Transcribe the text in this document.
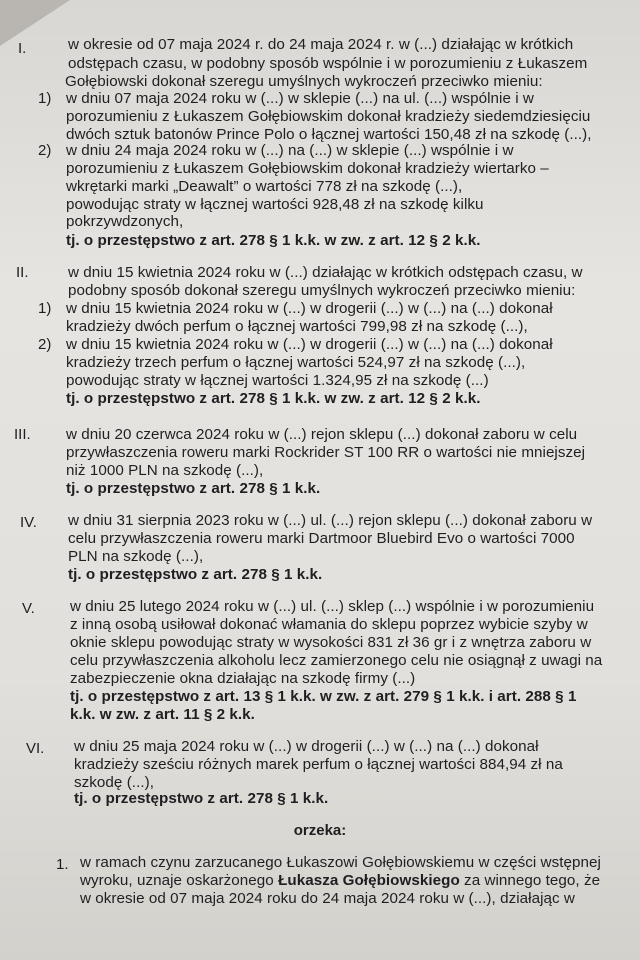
I.	w okresie od 07 maja 2024 r. do 24 maja 2024 r. w (...) działając w krótkich
odstępach czasu, w podobny sposób wspólnie i w porozumieniu z Łukaszem
Gołębiowski dokonał szeregu umyślnych wykroczeń przeciwko mieniu:
1) w dniu 07 maja 2024 roku w (...) w sklepie (...) na ul. (...) wspólnie i w
porozumieniu z Łukaszem Gołębiowskim dokonał kradzieży siedemdziesięciu
dwóch sztuk batonów Prince Polo o łącznej wartości 150,48 zł na szkodę (...),
2) w dniu 24 maja 2024 roku w (...) na (...) w sklepie (...) wspólnie i w
porozumieniu z Łukaszem Gołębiowskim dokonał kradzieży wiertarko –
wkrętarki marki „Deawalt” o wartości 778 zł na szkodę (...),
powodując straty w łącznej wartości 928,48 zł na szkodę kilku
pokrzywdzonych,
tj. o przestępstwo z art. 278 § 1 k.k. w zw. z art. 12 § 2 k.k.
II.	w dniu 15 kwietnia 2024 roku w (...) działając w krótkich odstępach czasu, w
podobny sposób dokonał szeregu umyślnych wykroczeń przeciwko mieniu:
1) w dniu 15 kwietnia 2024 roku w (...) w drogerii (...) w (...) na (...) dokonał
kradzieży dwóch perfum o łącznej wartości 799,98 zł na szkodę (...),
2) w dniu 15 kwietnia 2024 roku w (...) w drogerii (...) w (...) na (...) dokonał
kradzieży trzech perfum o łącznej wartości 524,97 zł na szkodę (...),
powodując straty w łącznej wartości 1.324,95 zł na szkodę (...)
tj. o przestępstwo z art. 278 § 1 k.k. w zw. z art. 12 § 2 k.k.
III. w dniu 20 czerwca 2024 roku w (...) rejon sklepu (...) dokonał zaboru w celu
przywłaszczenia roweru marki Rockrider ST 100 RR o wartości nie mniejszej
niż 1000 PLN na szkodę (...),
tj. o przestępstwo z art. 278 § 1 k.k.
IV. w dniu 31 sierpnia 2023 roku w (...) ul. (...) rejon sklepu (...) dokonał zaboru w
celu przywłaszczenia roweru marki Dartmoor Bluebird Evo o wartości 7000
PLN na szkodę (...),
tj. o przestępstwo z art. 278 § 1 k.k.
V. w dniu 25 lutego 2024 roku w (...) ul. (...) sklep (...) wspólnie i w porozumieniu
z inną osobą usiłował dokonać włamania do sklepu poprzez wybicie szyby w
oknie sklepu powodując straty w wysokości 831 zł 36 gr i z wnętrza zaboru w
celu przywłaszczenia alkoholu lecz zamierzonego celu nie osiągnął z uwagi na
zabezpieczenie okna działając na szkodę firmy (...)
tj. o przestępstwo z art. 13 § 1 k.k. w zw. z art. 279 § 1 k.k. i art. 288 § 1
k.k. w zw. z art. 11 § 2 k.k.
VI. w dniu 25 maja 2024 roku w (...) w drogerii (...) w (...) na (...) dokonał
kradzieży sześciu różnych marek perfum o łącznej wartości 884,94 zł na
szkodę (...),
tj. o przestępstwo z art. 278 § 1 k.k.
orzeka:
1. w ramach czynu zarzucanego Łukaszowi Gołębiowskiemu w części wstępnej
wyroku, uznaje oskarżonego Łukasza Gołębiowskiego za winnego tego, że
w okresie od 07 maja 2024 roku do 24 maja 2024 roku w (...), działając w
